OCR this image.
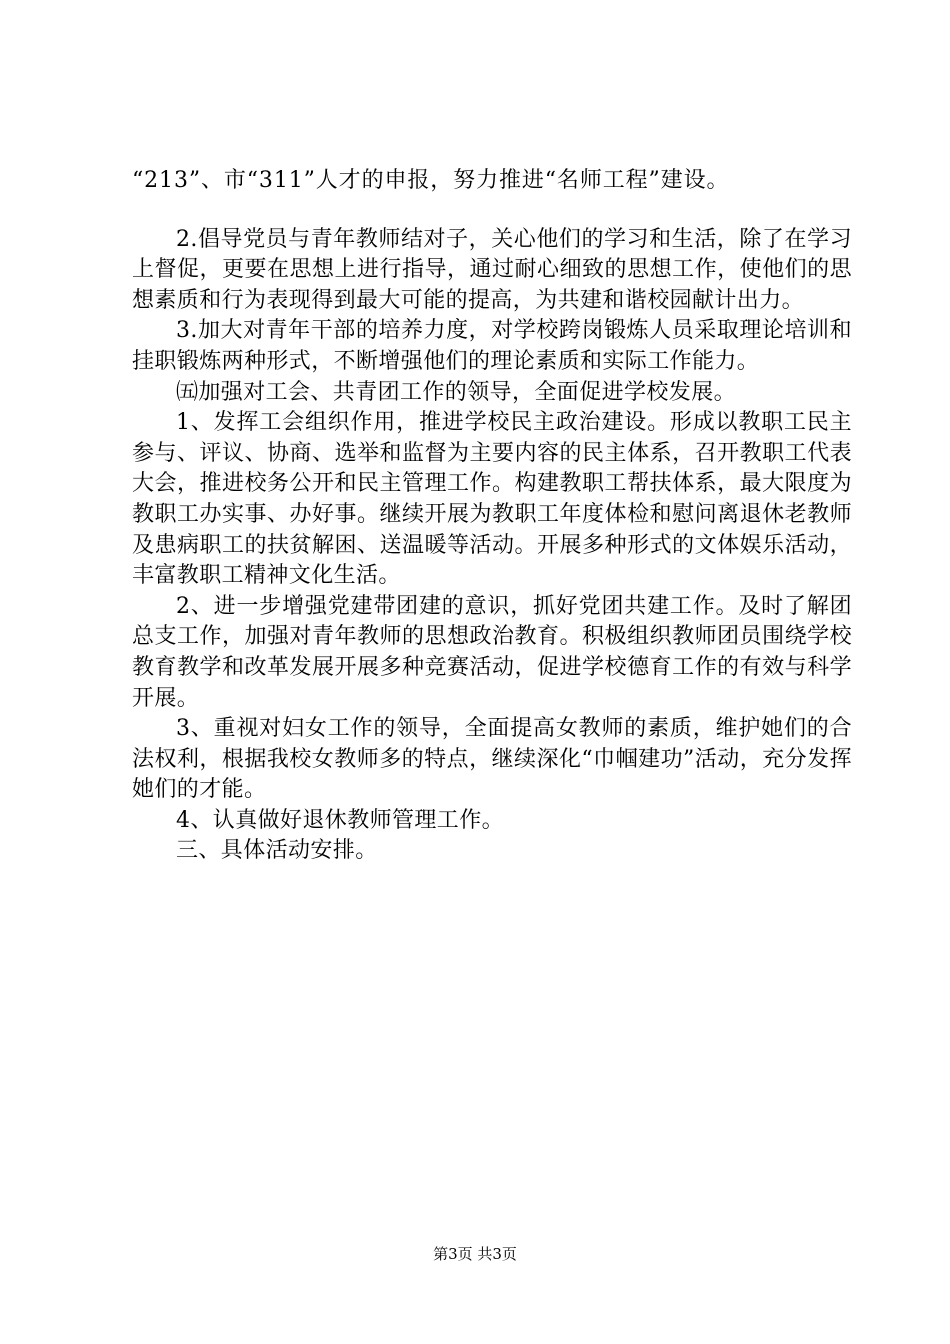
“213”、市“311”人才的申报，努力推进“名师工程”建设。

2.倡导党员与青年教师结对子，关心他们的学习和生活，除了在学习上督促，更要在思想上进行指导，通过耐心细致的思想工作，使他们的思想素质和行为表现得到最大可能的提高，为共建和谐校园献计出力。

3.加大对青年干部的培养力度，对学校跨岗锻炼人员采取理论培训和挂职锻炼两种形式，不断增强他们的理论素质和实际工作能力。

㈤加强对工会、共青团工作的领导，全面促进学校发展。

1、发挥工会组织作用，推进学校民主政治建设。形成以教职工民主参与、评议、协商、选举和监督为主要内容的民主体系，召开教职工代表大会，推进校务公开和民主管理工作。构建教职工帮扶体系，最大限度为教职工办实事、办好事。继续开展为教职工年度体检和慰问离退休老教师及患病职工的扶贫解困、送温暖等活动。开展多种形式的文体娱乐活动，丰富教职工精神文化生活。

2、进一步增强党建带团建的意识，抓好党团共建工作。及时了解团总支工作，加强对青年教师的思想政治教育。积极组织教师团员围绕学校教育教学和改革发展开展多种竞赛活动，促进学校德育工作的有效与科学开展。

3、重视对妇女工作的领导，全面提高女教师的素质，维护她们的合法权利，根据我校女教师多的特点，继续深化“巾帼建功”活动，充分发挥她们的才能。

4、认真做好退休教师管理工作。

三、具体活动安排。

第3页 共3页
